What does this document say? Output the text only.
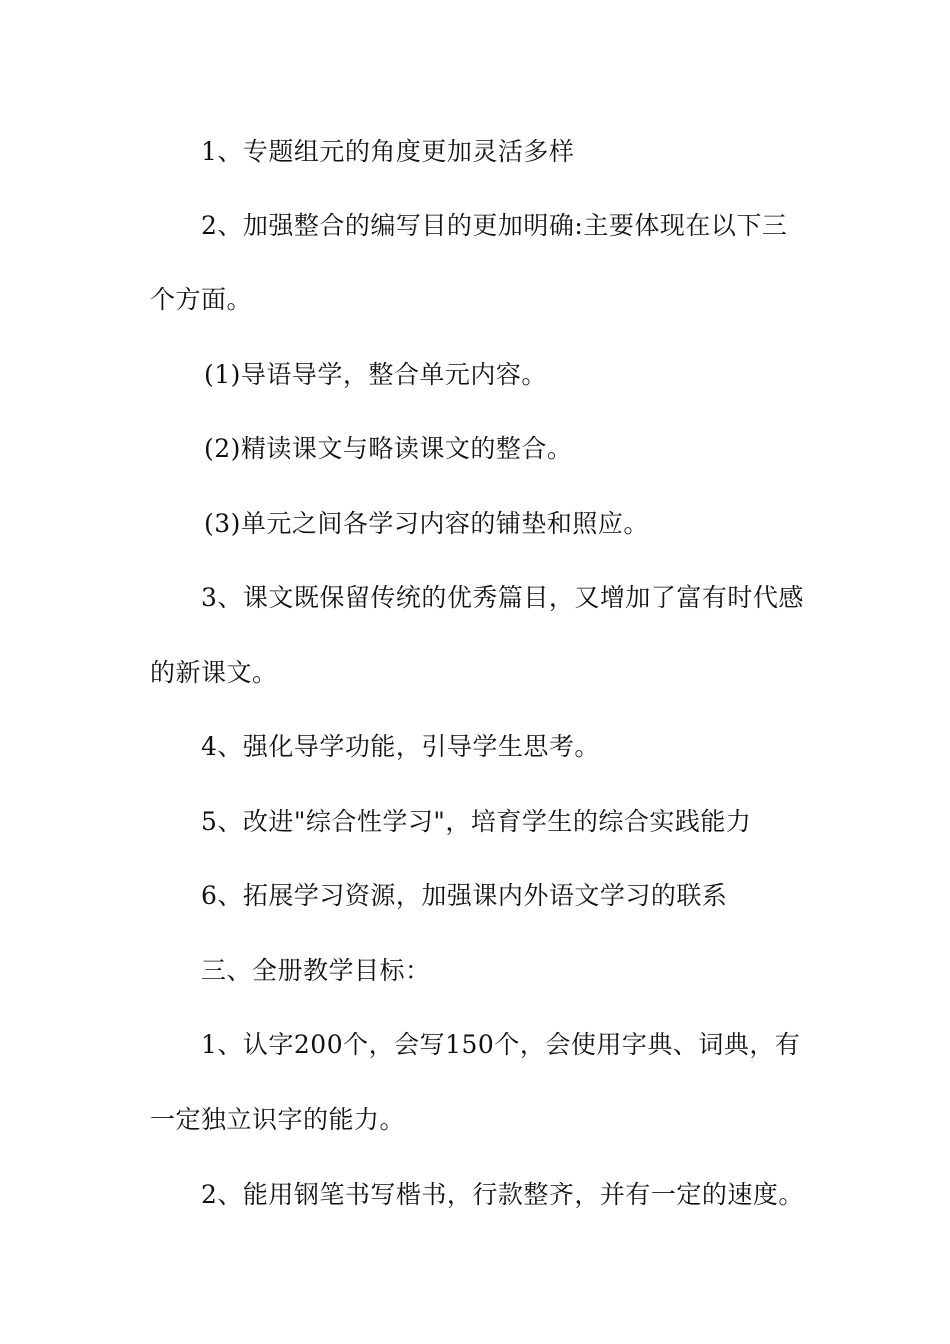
1、专题组元的角度更加灵活多样
2、加强整合的编写目的更加明确:主要体现在以下三
个方面。
(1)导语导学，整合单元内容。
(2)精读课文与略读课文的整合。
(3)单元之间各学习内容的铺垫和照应。
3、课文既保留传统的优秀篇目，又增加了富有时代感
的新课文。
4、强化导学功能，引导学生思考。
5、改进"综合性学习"，培育学生的综合实践能力
6、拓展学习资源，加强课内外语文学习的联系
三、全册教学目标：
1、认字200个，会写150个，会使用字典、词典，有
一定独立识字的能力。
2、能用钢笔书写楷书，行款整齐，并有一定的速度。
